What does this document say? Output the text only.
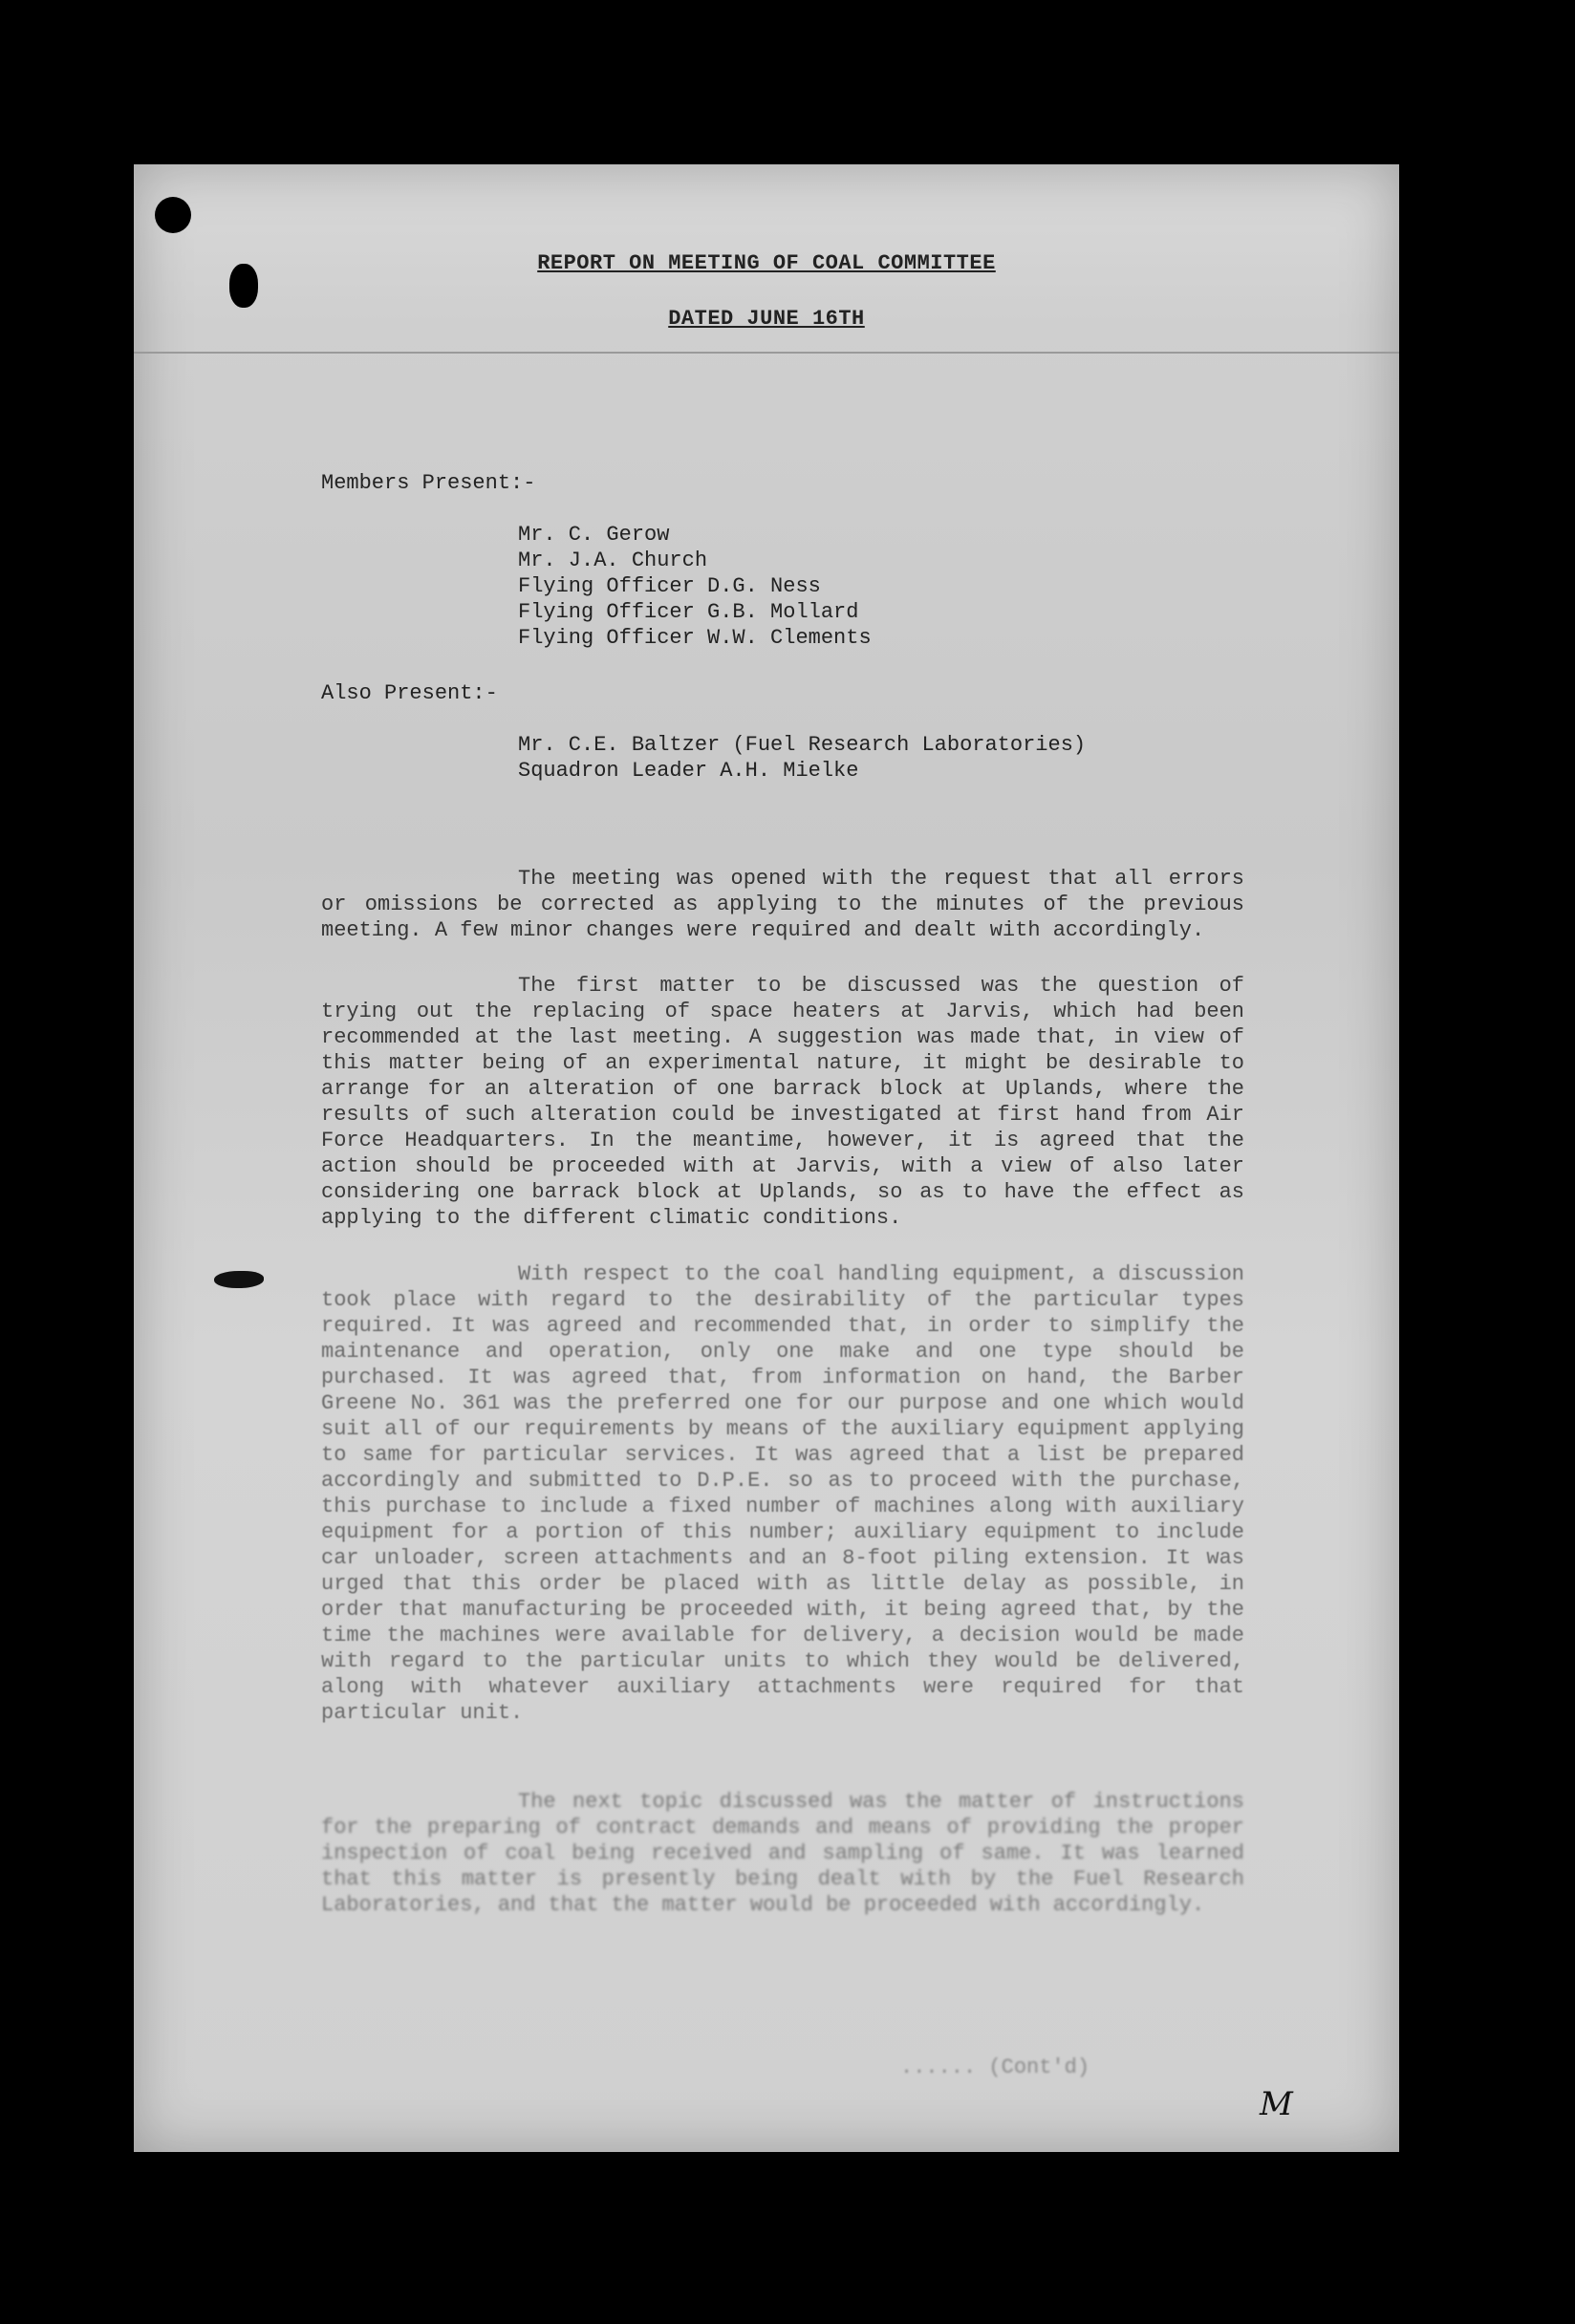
REPORT ON MEETING OF COAL COMMITTEE
DATED JUNE 16TH
Members Present:-
Mr. C. Gerow
Mr. J.A. Church
Flying Officer D.G. Ness
Flying Officer G.B. Mollard
Flying Officer W.W. Clements
Also Present:-
Mr. C.E. Baltzer (Fuel Research Laboratories)
Squadron Leader A.H. Mielke

The meeting was opened with the request that all errors or omissions be corrected as applying to the minutes of the previous meeting. A few minor changes were required and dealt with accordingly.

The first matter to be discussed was the question of trying out the replacing of space heaters at Jarvis, which had been recommended at the last meeting. A suggestion was made that, in view of this matter being of an experimental nature, it might be desirable to arrange for an alteration of one barrack block at Uplands, where the results of such alteration could be investigated at first hand from Air Force Headquarters. In the meantime, however, it is agreed that the action should be proceeded with at Jarvis, with a view of also later considering one barrack block at Uplands, so as to have the effect as applying to the different climatic conditions.

With respect to the coal handling equipment, a discussion took place with regard to the desirability of the particular types required. It was agreed and recommended that, in order to simplify the maintenance and operation, only one make and one type should be purchased. It was agreed that, from information on hand, the Barber Greene No. 361 was the preferred one for our purpose and one which would suit all of our requirements by means of the auxiliary equipment applying to same for particular services. It was agreed that a list be prepared accordingly and submitted to D.P.E. so as to proceed with the purchase, this purchase to include a fixed number of machines along with auxiliary equipment for a portion of this number; auxiliary equipment to include car unloader, screen attachments and an 8-foot piling extension. It was urged that this order be placed with as little delay as possible, in order that manufacturing be proceeded with, it being agreed that, by the time the machines were available for delivery, a decision would be made with regard to the particular units to which they would be delivered, along with whatever auxiliary attachments were required for that particular unit.

The next topic discussed was the matter of instructions for the preparing of contract demands and means of providing the proper inspection of coal being received and sampling of same. It was learned that this matter is presently being dealt with by the Fuel Research Laboratories, and that the matter would be proceeded with accordingly.

...... (Cont'd)
M
